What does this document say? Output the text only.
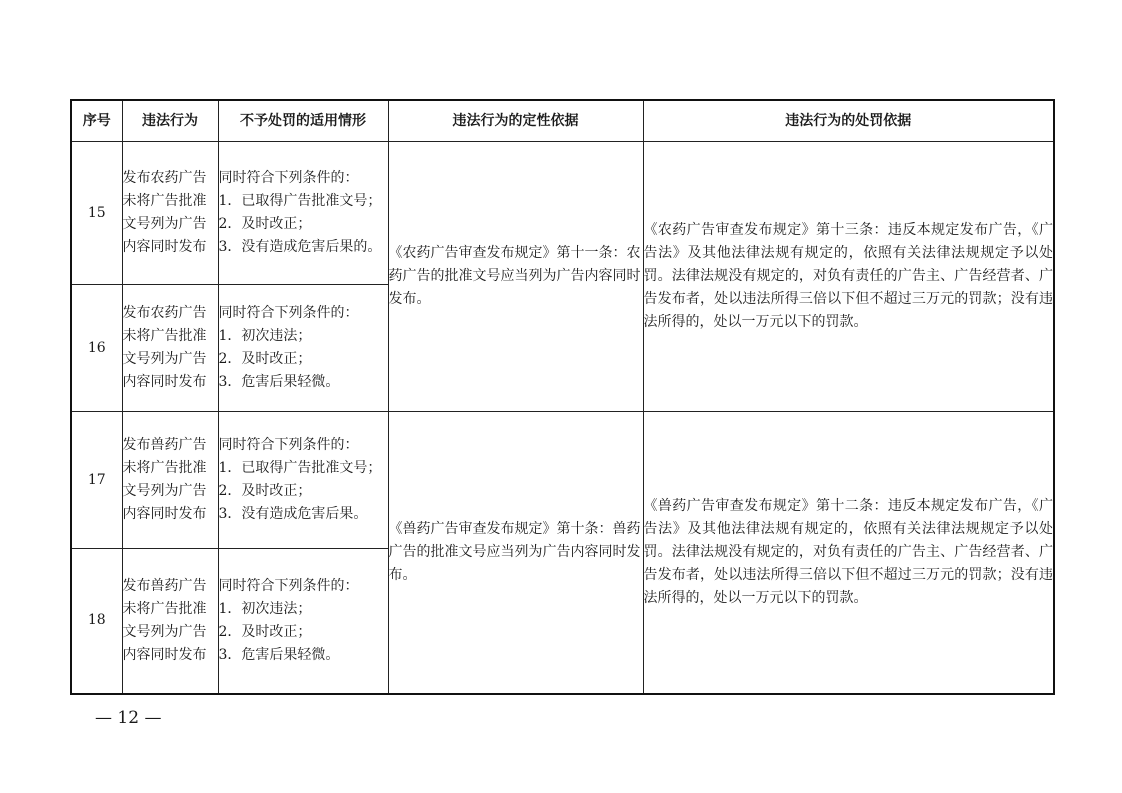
序号	违法行为	不予处罚的适用情形	违法行为的定性依据	违法行为的处罚依据
15	发布农药广告未将广告批准文号列为广告内容同时发布	同时符合下列条件的：
1．已取得广告批准文号；
2．及时改正；
3．没有造成危害后果的。	《农药广告审查发布规定》第十一条：农药广告的批准文号应当列为广告内容同时发布。	《农药广告审查发布规定》第十三条：违反本规定发布广告，《广告法》及其他法律法规有规定的，依照有关法律法规规定予以处罚。法律法规没有规定的，对负有责任的广告主、广告经营者、广告发布者，处以违法所得三倍以下但不超过三万元的罚款；没有违法所得的，处以一万元以下的罚款。
16	发布农药广告未将广告批准文号列为广告内容同时发布	同时符合下列条件的：
1．初次违法；
2．及时改正；
3．危害后果轻微。		

17	发布兽药广告未将广告批准文号列为广告内容同时发布	同时符合下列条件的：
1．已取得广告批准文号；
2．及时改正；
3．没有造成危害后果。	《兽药广告审查发布规定》第十条：兽药广告的批准文号应当列为广告内容同时发布。	《兽药广告审查发布规定》第十二条：违反本规定发布广告，《广告法》及其他法律法规有规定的，依照有关法律法规规定予以处罚。法律法规没有规定的，对负有责任的广告主、广告经营者、广告发布者，处以违法所得三倍以下但不超过三万元的罚款；没有违法所得的，处以一万元以下的罚款。
18	发布兽药广告未将广告批准文号列为广告内容同时发布	同时符合下列条件的：
1．初次违法；
2．及时改正；
3．危害后果轻微。		
— 12 —
